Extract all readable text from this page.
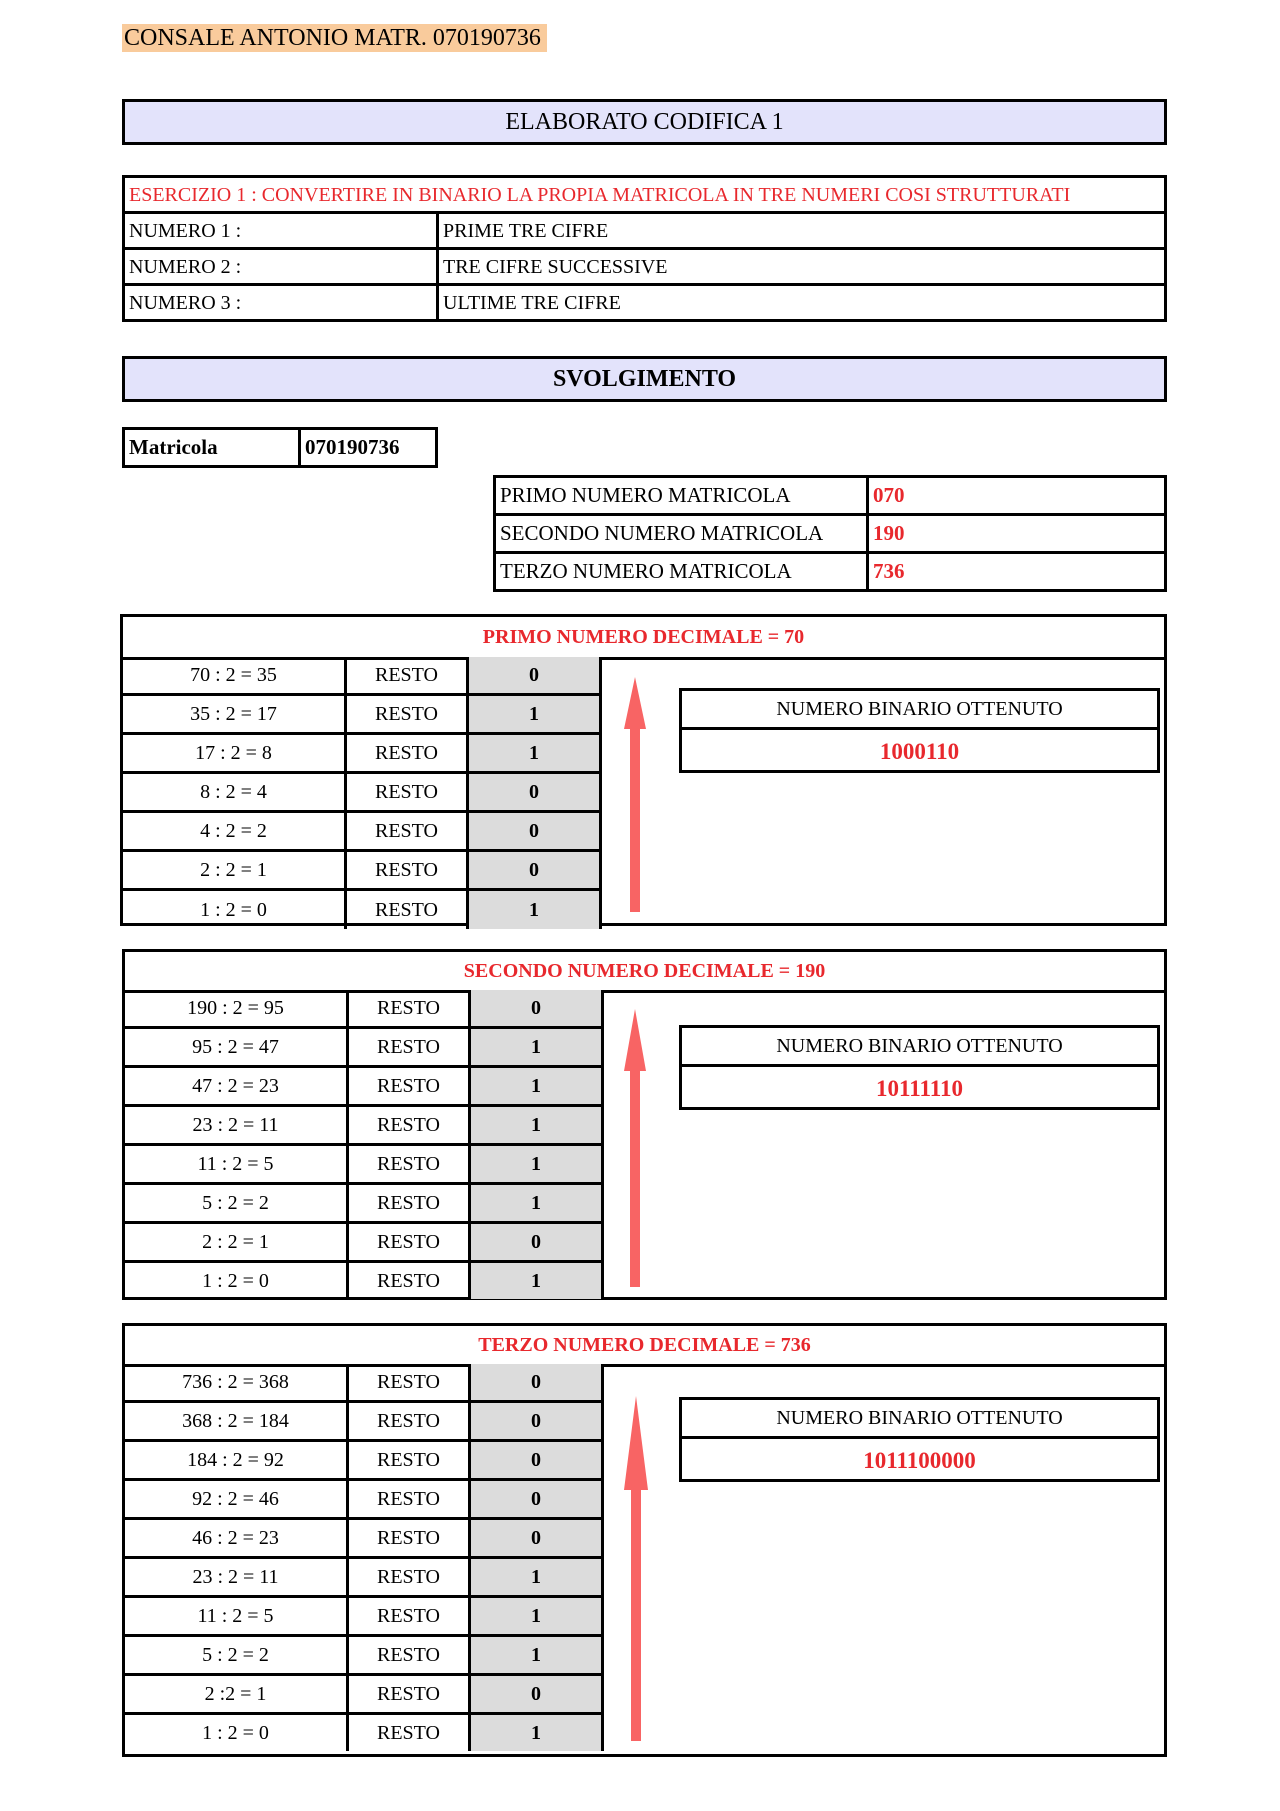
CONSALE ANTONIO MATR. 070190736
ELABORATO CODIFICA 1
ESERCIZIO 1 : CONVERTIRE IN BINARIO LA PROPIA MATRICOLA IN TRE NUMERI COSI STRUTTURATI	
NUMERO 1 :	PRIME TRE CIFRE
NUMERO 2 :	TRE CIFRE SUCCESSIVE
NUMERO 3 :	ULTIME TRE CIFRE
SVOLGIMENTO
Matricola	070190736
PRIMO NUMERO MATRICOLA	070
SECONDO NUMERO MATRICOLA	190
TERZO NUMERO MATRICOLA	736
PRIMO NUMERO DECIMALE = 70
70 : 2 = 35	RESTO	0
35 : 2 = 17	RESTO	1
17 : 2 = 8	RESTO	1
8 : 2 = 4	RESTO	0
4 : 2 = 2	RESTO	0
2 : 2 = 1	RESTO	0
1 : 2 = 0	RESTO	1
NUMERO BINARIO OTTENUTO
1000110
SECONDO NUMERO DECIMALE = 190
190 : 2 = 95	RESTO	0
95 : 2 = 47	RESTO	1
47 : 2 = 23	RESTO	1
23 : 2 = 11	RESTO	1
11 : 2 = 5	RESTO	1
5 : 2 = 2	RESTO	1
2 : 2 = 1	RESTO	0
1 : 2 = 0	RESTO	1
NUMERO BINARIO OTTENUTO
10111110
TERZO NUMERO DECIMALE = 736
736 : 2 = 368	RESTO	0
368 : 2 = 184	RESTO	0
184 : 2 = 92	RESTO	0
92 : 2 = 46	RESTO	0
46 : 2 = 23	RESTO	0
23 : 2 = 11	RESTO	1
11 : 2 = 5	RESTO	1
5 : 2 = 2	RESTO	1
2 :2 = 1	RESTO	0
1 : 2 = 0	RESTO	1
NUMERO BINARIO OTTENUTO
1011100000
